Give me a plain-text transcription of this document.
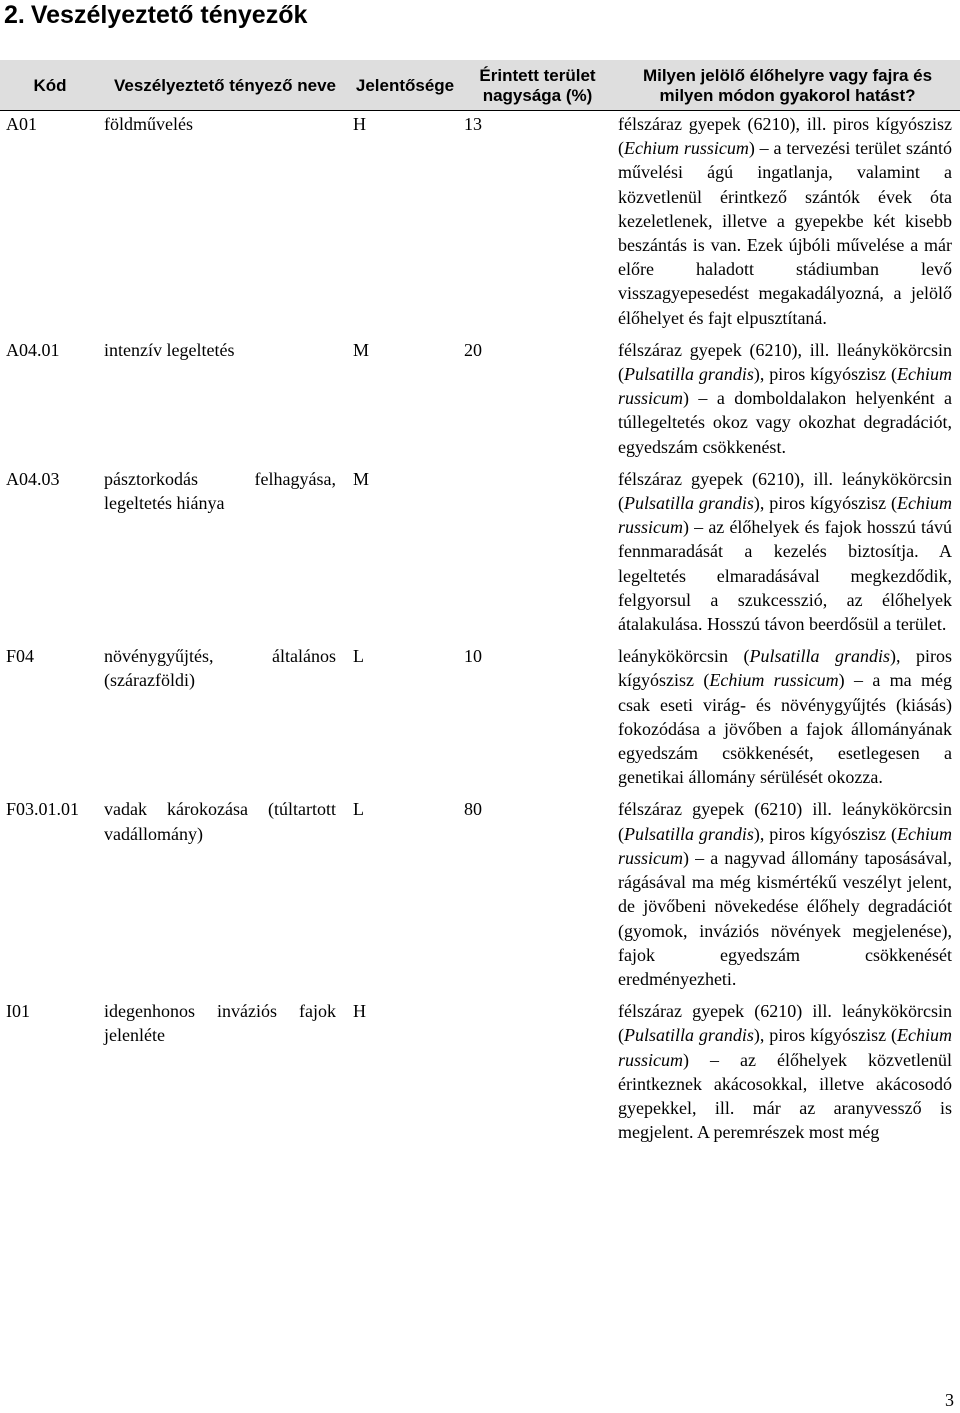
2. Veszélyeztető tényezők
Kód	Veszélyeztető tényező neve	Jelentősége	Érintett terület nagysága (%)	Milyen jelölő élőhelyre vagy fajra és milyen módon gyakorol hatást?
A01	földművelés	H	13	félszáraz gyepek (6210), ill. piros kígyószisz (Echium russicum) – a tervezési terület szántó művelési ágú ingatlanja, valamint a közvetlenül érintkező szántók évek óta kezeletlenek, illetve a gyepekbe két kisebb beszántás is van. Ezek újbóli művelése a már előre haladott stádiumban levő visszagyepesedést megakadályozná, a jelölő élőhelyet és fajt elpusztítaná.
A04.01	intenzív legeltetés	M	20	félszáraz gyepek (6210), ill. lleánykökörcsin (Pulsatilla grandis), piros kígyószisz (Echium russicum) – a domboldalakon helyenként a túllegeltetés okoz vagy okozhat degradációt, egyedszám csökkenést.
A04.03	pásztorkodás felhagyása, legeltetés hiánya	M		félszáraz gyepek (6210), ill. leánykökörcsin (Pulsatilla grandis), piros kígyószisz (Echium russicum) – az élőhelyek és fajok hosszú távú fennmaradását a kezelés biztosítja. A legeltetés elmaradásával megkezdődik, felgyorsul a szukcesszió, az élőhelyek átalakulása. Hosszú távon beerdősül a terület.
F04	növénygyűjtés, általános (szárazföldi)	L	10	leánykökörcsin (Pulsatilla grandis), piros kígyószisz (Echium russicum) – a ma még csak eseti virág- és növénygyűjtés (kiásás) fokozódása a jövőben a fajok állományának egyedszám csökkenését, esetlegesen a genetikai állomány sérülését okozza.
F03.01.01	vadak károkozása (túltartott vadállomány)	L	80	félszáraz gyepek (6210) ill. leánykökörcsin (Pulsatilla grandis), piros kígyószisz (Echium russicum) – a nagyvad állomány taposásával, rágásával ma még kismértékű veszélyt jelent, de jövőbeni növekedése élőhely degradációt (gyomok, inváziós növények megjelenése), fajok egyedszám csökkenését eredményezheti.
I01	idegenhonos inváziós fajok jelenléte	H		félszáraz gyepek (6210) ill. leánykökörcsin (Pulsatilla grandis), piros kígyószisz (Echium russicum) – az élőhelyek közvetlenül érintkeznek akácosokkal, illetve akácosodó gyepekkel, ill. már az aranyvessző is megjelent. A peremrészek most még
3
